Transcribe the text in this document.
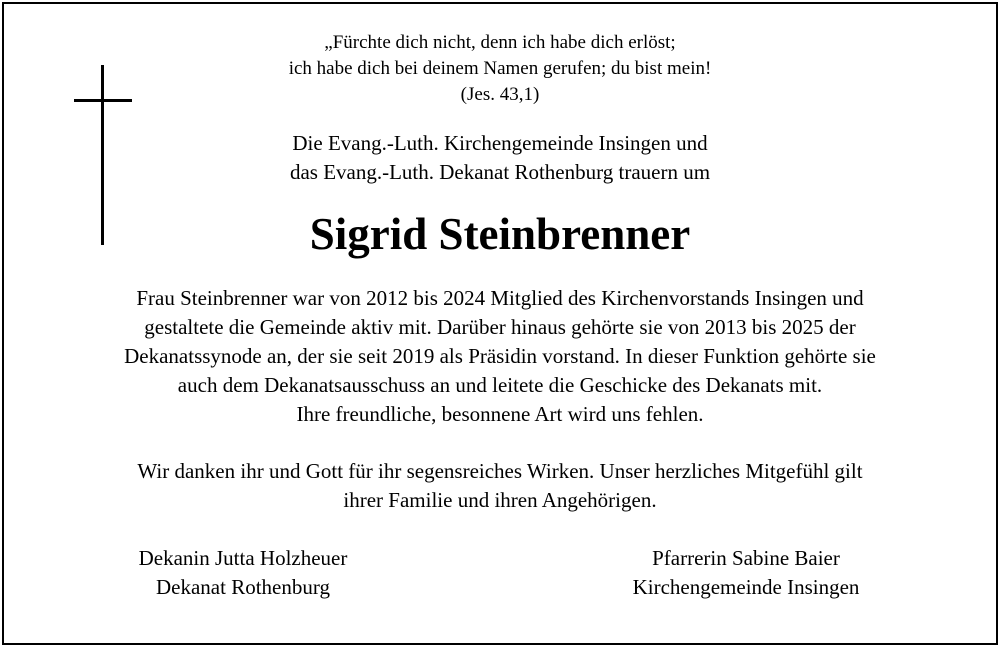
„Fürchte dich nicht, denn ich habe dich erlöst;

ich habe dich bei deinem Namen gerufen; du bist mein!

(Jes. 43,1)

Die Evang.-Luth. Kirchengemeinde Insingen und

das Evang.-Luth. Dekanat Rothenburg trauern um

Sigrid Steinbrenner

Frau Steinbrenner war von 2012 bis 2024 Mitglied des Kirchenvorstands Insingen und

gestaltete die Gemeinde aktiv mit. Darüber hinaus gehörte sie von 2013 bis 2025 der

Dekanatssynode an, der sie seit 2019 als Präsidin vorstand. In dieser Funktion gehörte sie

auch dem Dekanatsausschuss an und leitete die Geschicke des Dekanats mit.

Ihre freundliche, besonnene Art wird uns fehlen.

Wir danken ihr und Gott für ihr segensreiches Wirken. Unser herzliches Mitgefühl gilt

ihrer Familie und ihren Angehörigen.

Dekanin Jutta Holzheuer
Dekanat Rothenburg
Pfarrerin Sabine Baier
Kirchengemeinde Insingen
